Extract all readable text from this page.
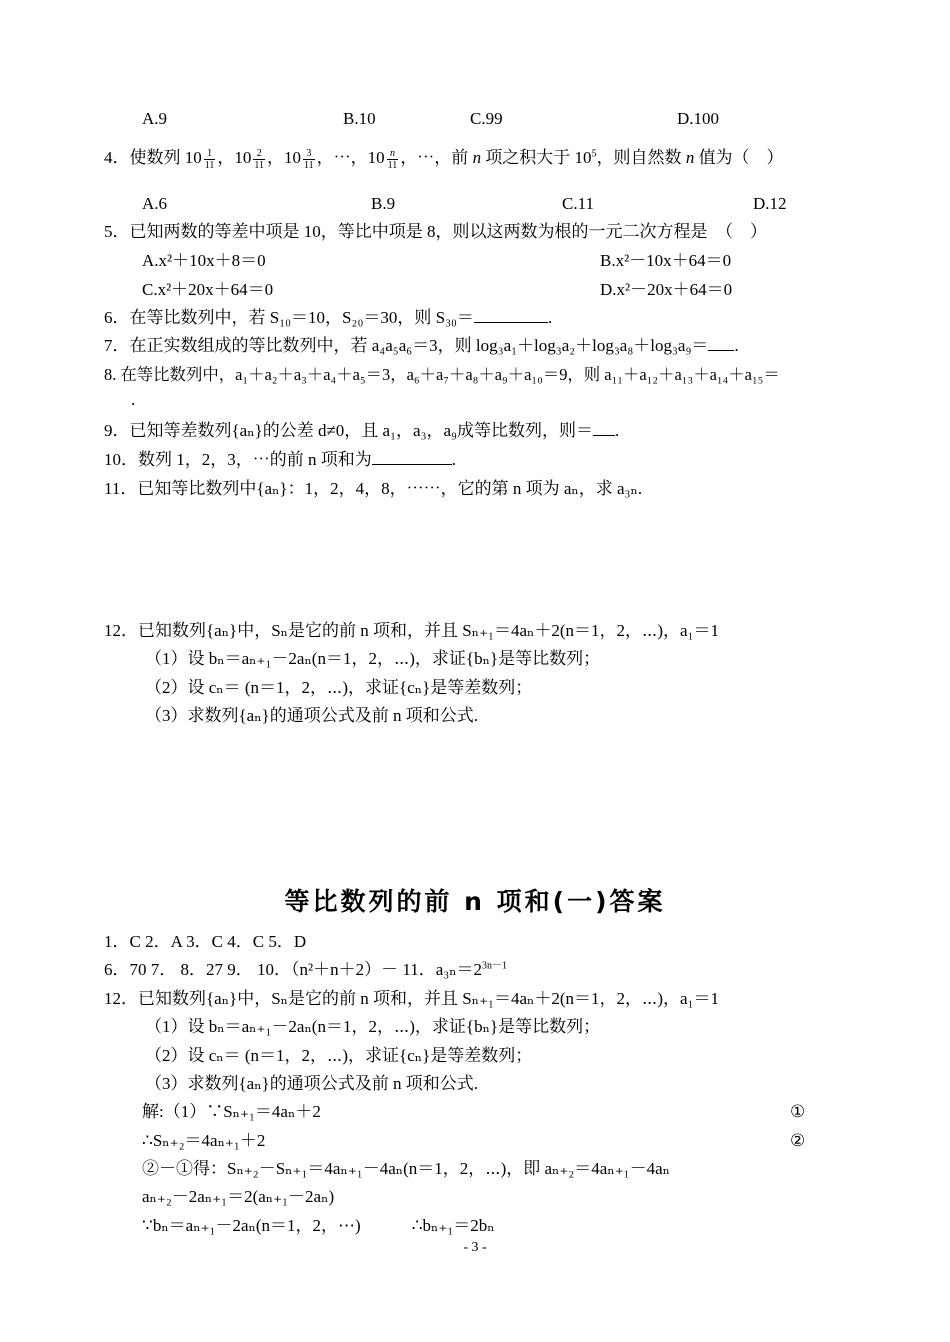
A.9	B.10	C.99	D.100
4．使数列 $10 \frac{1}{11}$ ，$10 \frac{2}{11}$ ，$10 \frac{3}{11}$ ，⋯，$10 \frac{n}{11}$ ，⋯，前 n 项之积大于 $10^5$，则自然数 n 值为（　）
A.6	B.9	C.11	D.12
5．已知两数的等差中项是 10，等比中项是 8，则以这两数为根的一元二次方程是　（　）
A.x²＋10x＋8＝0	B.x²－10x＋64＝0
C.x²＋20x＋64＝0	D.x²－20x＋64＝0
6．在等比数列中，若 S₁₀＝10，S₂₀＝30，则 S₃₀＝	.
7．在正实数组成的等比数列中，若 a₄a₅a₆＝3，则 log₃a₁＋log₃a₂＋log₃a₈＋log₃a₉＝ .
8. 在等比数列中，a₁＋a₂＋a₃＋a₄＋a₅＝3，a₆＋a₇＋a₈＋a₉＋a₁₀＝9，则 a₁₁＋a₁₂＋a₁₃＋a₁₄＋a₁₅＝
.
9．已知等差数列{aₙ}的公差 d≠0，且 a₁，a₃，a₉成等比数列，则＝ .
10．数列 1，2，3，⋯的前 n 项和为	.
11．已知等比数列中{aₙ}：1，2，4，8，⋯⋯，它的第 n 项为 aₙ，求 a₃ₙ.
12．已知数列{aₙ}中，Sₙ是它的前 n 项和，并且 Sₙ₊₁＝4aₙ＋2(n＝1，2，⋯)，a₁＝1
（1）设 bₙ＝aₙ₊₁－2aₙ(n＝1，2，⋯)，求证{bₙ}是等比数列；
（2）设 cₙ＝ (n＝1，2，⋯)，求证{cₙ}是等差数列；
（3）求数列{aₙ}的通项公式及前 n 项和公式.
等比数列的前 n 项和(一)答案
1．C 2．A 3．C 4．C 5．D
6．70 7． 8．27 9． 10．（n²＋n＋2）－ 11．$a_{3n}=2^{3n-1}$
12．已知数列{aₙ}中，Sₙ是它的前 n 项和，并且 Sₙ₊₁＝4aₙ＋2(n＝1，2，⋯)，a₁＝1
（1）设 bₙ＝aₙ₊₁－2aₙ(n＝1，2，⋯)，求证{bₙ}是等比数列；
（2）设 cₙ＝ (n＝1，2，⋯)，求证{cₙ}是等差数列；
（3）求数列{aₙ}的通项公式及前 n 项和公式.
解:（1）∵Sₙ₊₁＝4aₙ＋2	①
∴Sₙ₊₂＝4aₙ₊₁＋2	②
②－①得：Sₙ₊₂－Sₙ₊₁＝4aₙ₊₁－4aₙ(n＝1，2，⋯)，即 aₙ₊₂＝4aₙ₊₁－4aₙ
aₙ₊₂－2aₙ₊₁＝2(aₙ₊₁－2aₙ)
∵bₙ＝aₙ₊₁－2aₙ(n＝1，2，⋯)　　　∴bₙ₊₁＝2bₙ
- 3 -
